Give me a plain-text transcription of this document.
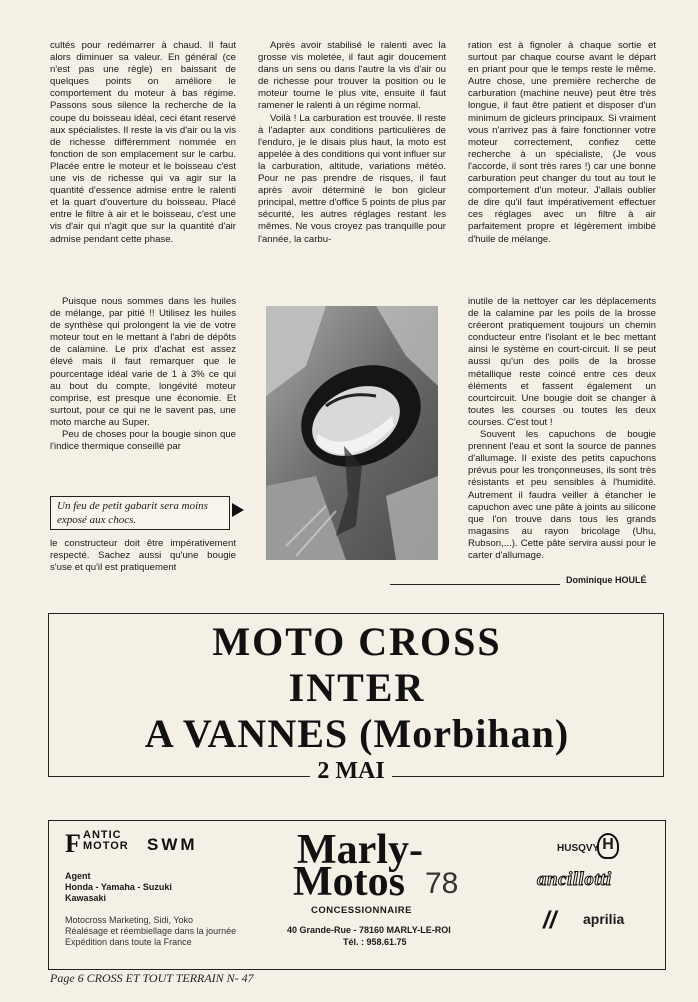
cultés pour redémarrer à chaud. Il faut alors diminuer sa valeur. En général (ce n'est pas une règle) en baissant de quelques points on améliore le comportement du moteur à bas régime. Passons sous silence la recherche de la coupe du boisseau idéal, ceci étant reservé aux spécialistes. Il reste la vis d'air ou la vis de richesse différemment nommée en fonction de son emplacement sur le carbu. Placée entre le moteur et le boisseau c'est une vis de richesse qui va agir sur la quantité d'essence admise entre le ralenti et la quart d'ouverture du boisseau. Placé entre le filtre à air et le boisseau, c'est une vis d'air qui n'agit que sur la quantité d'air admise pendant cette phase.

Après avoir stabilisé le ralenti avec la grosse vis moletée, il faut agir doucement dans un sens ou dans l'autre la vis d'air ou de richesse pour trouver la position ou le moteur tourne le plus vite, ensuite il faut ramener le ralenti à un régime normal.

Voilà ! La carburation est trouvée. Il reste à l'adapter aux conditions particulières de l'enduro, je le disais plus haut, la moto est appelée à des conditions qui vont influer sur la carburation, altitude, variations météo. Pour ne pas prendre de risques, il faut après avoir déterminé le bon gicleur principal, mettre d'office 5 points de plus par sécurité, les autres réglages restant les mêmes. Ne vous croyez pas tranquille pour l'année, la carbu-

ration est à fignoler à chaque sortie et surtout par chaque course avant le départ en priant pour que le temps reste le même. Autre chose, une première recherche de carburation (machine neuve) peut être très longue, il faut être patient et disposer d'un minimum de gicleurs principaux. Si vraiment vous n'arrivez pas à faire fonctionner votre moteur correctement, confiez cette recherche à un spécialiste, (Je vous l'accorde, il sont très rares !) car une bonne carburation peut changer du tout au tout le comportement d'un moteur. J'allais oublier de dire qu'il faut impérativement effectuer ces réglages avec un filtre à air parfaitement propre et légèrement imbibé d'huile de mélange.

Puisque nous sommes dans les huiles de mélange, par pitié !! Utilisez les huiles de synthèse qui prolongent la vie de votre moteur tout en le mettant à l'abri de dépôts de calamine. Le prix d'achat est assez élevé mais il faut remarquer que le pourcentage idéal varie de 1 à 3% ce qui au bout du compte, longévité moteur comprise, est presque une économie. Et surtout, pour ce qui ne le savent pas, une moto marche au Super.

Peu de choses pour la bougie sinon que l'indice thermique conseillé par

Un feu de petit gabarit sera moins exposé aux chocs.

le constructeur doit être impérativement respecté. Sachez aussi qu'une bougie s'use et qu'il est pratiquement

inutile de la nettoyer car les déplacements de la calamine par les poils de la brosse créeront pratiquement toujours un chemin conducteur entre l'isolant et le bec mettant ainsi le système en court-circuit. Il se peut aussi qu'un des poils de la brosse métallique reste coincé entre ces deux éléments et fassent également un courtcircuit. Une bougie doit se changer à toutes les courses ou toutes les deux courses. C'est tout !

Souvent les capuchons de bougie prennent l'eau et sont la source de pannes d'allumage. Il existe des petits capuchons prévus pour les tronçonneuses, ils sont très résistants et peu sensibles à l'humidité. Autrement il faudra veiller à étancher le capuchon avec une pâte à joints au silicone que l'on trouve dans tous les grands magasins au rayon bricolage (Uhu, Rubson,...). Cette pâte servira aussi pour le carter d'allumage.

Dominique HOULÉ
MOTO CROSS
INTER
A VANNES (Morbihan)
2 MAI
F ANTIC
MOTOR SWM
Agent
Honda - Yamaha - Suzuki
Kawasaki
Motocross Marketing, Sidi, Yoko
Réalésage et réembiellage dans la journée
Expédition dans toute la France
Marly-
Motos 78
CONCESSIONNAIRE
40 Grande-Rue - 78160 MARLY-LE-ROI
Tél. : 958.61.75
HUSQVY H
ancillotti
// aprilia
Page 6 CROSS ET TOUT TERRAIN N- 47
